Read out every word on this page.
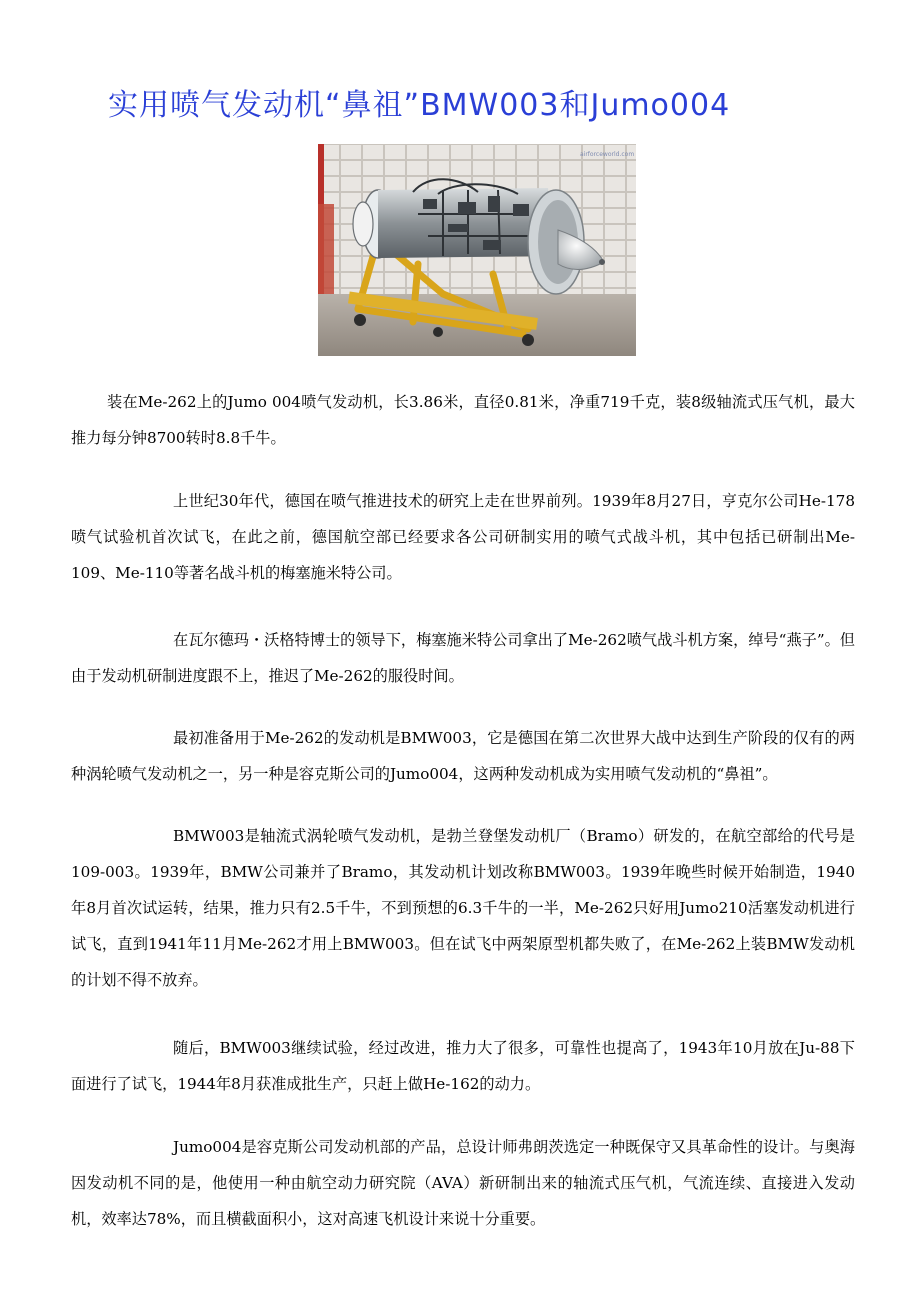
实用喷气发动机“鼻祖”BMW003和Jumo004
airforceworld.com

装在Me-262上的Jumo 004喷气发动机，长3.86米，直径0.81米，净重719千克，装8级轴流式压气机，最大推力每分钟8700转时8.8千牛。

上世纪30年代，德国在喷气推进技术的研究上走在世界前列。1939年8月27日，亨克尔公司He-178喷气试验机首次试飞，在此之前，德国航空部已经要求各公司研制实用的喷气式战斗机，其中包括已研制出Me-109、Me-110等著名战斗机的梅塞施米特公司。

在瓦尔德玛・沃格特博士的领导下，梅塞施米特公司拿出了Me-262喷气战斗机方案，绰号“燕子”。但由于发动机研制进度跟不上，推迟了Me-262的服役时间。

最初准备用于Me-262的发动机是BMW003，它是德国在第二次世界大战中达到生产阶段的仅有的两种涡轮喷气发动机之一，另一种是容克斯公司的Jumo004，这两种发动机成为实用喷气发动机的“鼻祖”。

BMW003是轴流式涡轮喷气发动机，是勃兰登堡发动机厂（Bramo）研发的，在航空部给的代号是109-003。1939年，BMW公司兼并了Bramo，其发动机计划改称BMW003。1939年晚些时候开始制造，1940年8月首次试运转，结果，推力只有2.5千牛，不到预想的6.3千牛的一半，Me-262只好用Jumo210活塞发动机进行试飞，直到1941年11月Me-262才用上BMW003。但在试飞中两架原型机都失败了，在Me-262上装BMW发动机的计划不得不放弃。

随后，BMW003继续试验，经过改进，推力大了很多，可靠性也提高了，1943年10月放在Ju-88下面进行了试飞，1944年8月获准成批生产，只赶上做He-162的动力。

Jumo004是容克斯公司发动机部的产品，总设计师弗朗茨选定一种既保守又具革命性的设计。与奥海因发动机不同的是，他使用一种由航空动力研究院（AVA）新研制出来的轴流式压气机，气流连续、直接进入发动机，效率达78%，而且横截面积小，这对高速飞机设计来说十分重要。
